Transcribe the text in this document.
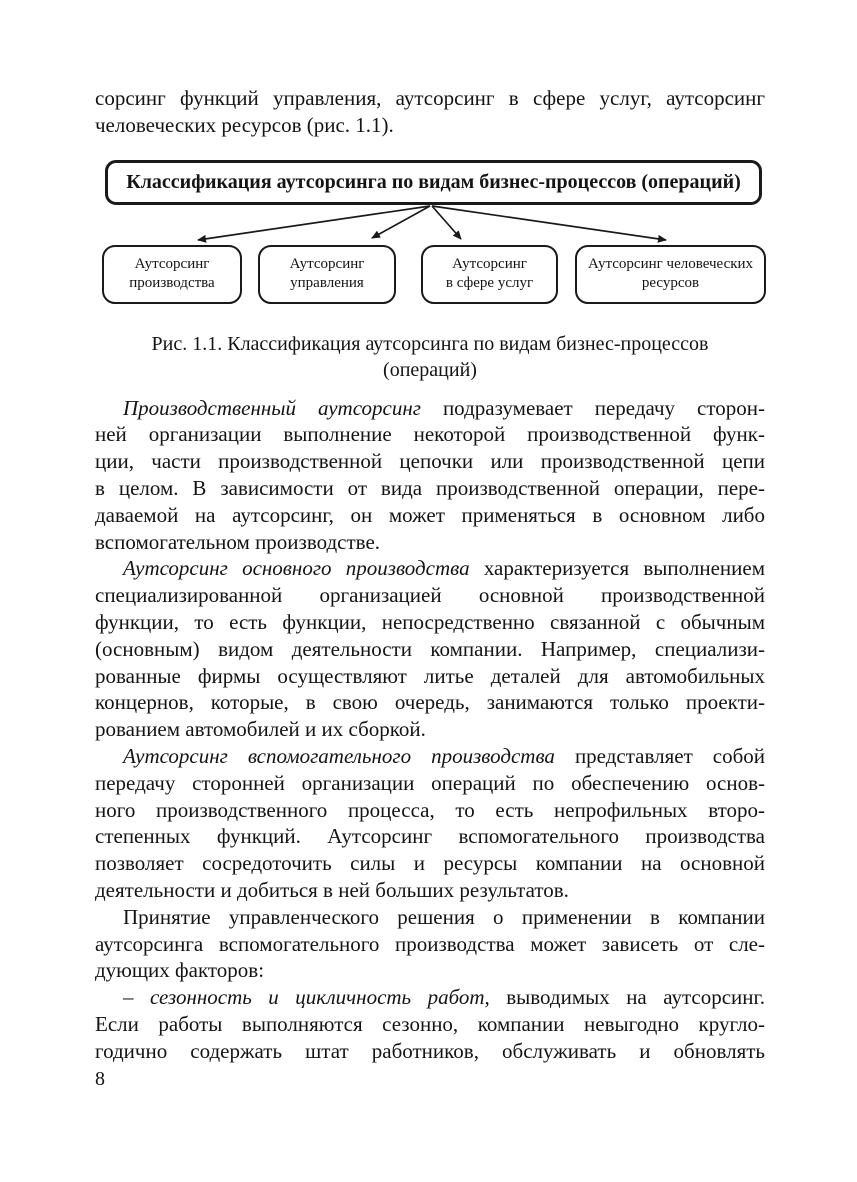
сорсинг функций управления, аутсорсинг в сфере услуг, аутсорсинг
человеческих ресурсов (рис. 1.1).
Классификация аутсорсинга по видам бизнес-процессов (операций)
Аутсорсинг
производства
Аутсорсинг
управления
Аутсорсинг
в сфере услуг
Аутсорсинг человеческих
ресурсов
Рис. 1.1. Классификация аутсорсинга по видам бизнес-процессов
(операций)
Производственный аутсорсинг подразумевает передачу сторон-
ней организации выполнение некоторой производственной функ-
ции, части производственной цепочки или производственной цепи
в целом. В зависимости от вида производственной операции, пере-
даваемой на аутсорсинг, он может применяться в основном либо
вспомогательном производстве.
Аутсорсинг основного производства характеризуется выполнением
специализированной организацией основной производственной
функции, то есть функции, непосредственно связанной с обычным
(основным) видом деятельности компании. Например, специализи-
рованные фирмы осуществляют литье деталей для автомобильных
концернов, которые, в свою очередь, занимаются только проекти-
рованием автомобилей и их сборкой.
Аутсорсинг вспомогательного производства представляет собой
передачу сторонней организации операций по обеспечению основ-
ного производственного процесса, то есть непрофильных второ-
степенных функций. Аутсорсинг вспомогательного производства
позволяет сосредоточить силы и ресурсы компании на основной
деятельности и добиться в ней больших результатов.
Принятие управленческого решения о применении в компании
аутсорсинга вспомогательного производства может зависеть от сле-
дующих факторов:
– сезонность и цикличность работ, выводимых на аутсорсинг.
Если работы выполняются сезонно, компании невыгодно кругло-
годично содержать штат работников, обслуживать и обновлять
8
